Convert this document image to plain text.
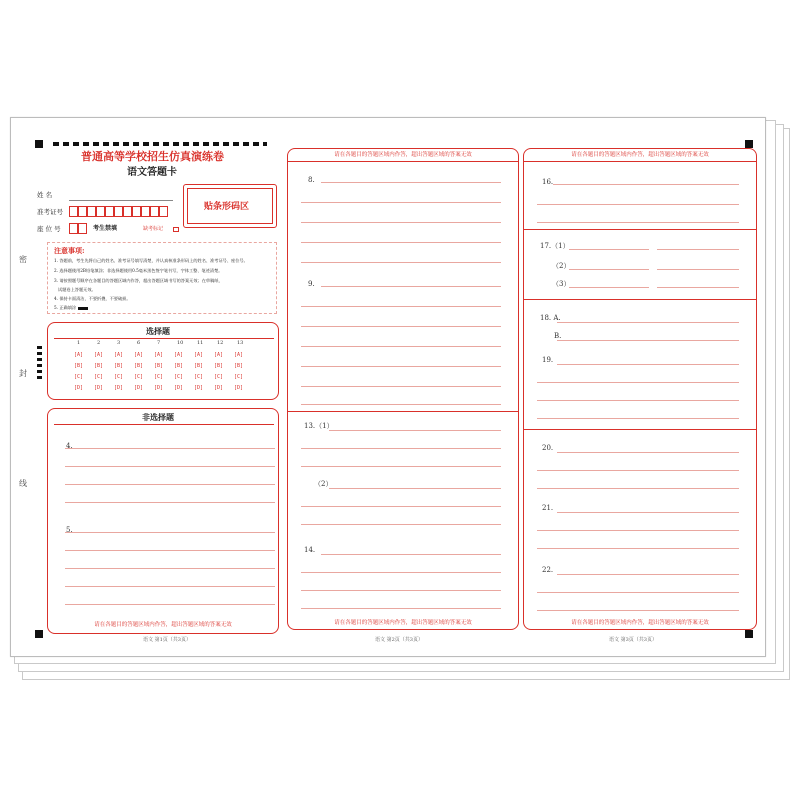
密
封
线
普通高等学校招生仿真演练卷
语文答题卡
姓 名
准考证号
座 位 号	考生禁填	缺考标记
贴条形码区
注意事项:
1. 答题前，考生先将自己的姓名、准考证号填写清楚，并认真核准条形码上的姓名、准考证号、座位号。
2. 选择题使用2B铅笔填涂；非选择题使用0.5毫米黑色签字笔书写，字体工整、笔迹清楚。
3. 请按照题号顺序在各题目的答题区域内作答，超出答题区域书写的答案无效；在草稿纸、
试题卷上答题无效。
4. 保持卡面清洁，不要折叠，不要破损。
5. 正确填涂
选择题
1
[A]
[B]
[C]
[D]
2
[A]
[B]
[C]
[D]
3
[A]
[B]
[C]
[D]
6
[A]
[B]
[C]
[D]
7
[A]
[B]
[C]
[D]
10
[A]
[B]
[C]
[D]
11
[A]
[B]
[C]
[D]
12
[A]
[B]
[C]
[D]
13
[A]
[B]
[C]
[D]
非选择题
4.
5.
请在各题目的答题区域内作答，超出答题区域的答案无效
语文 第1页（共3页）
请在各题目的答题区域内作答，超出答题区域的答案无效
8.
9.
13.（1）
（2）
14.
请在各题目的答题区域内作答，超出答题区域的答案无效
语文 第2页（共3页）
请在各题目的答题区域内作答，超出答题区域的答案无效
16.
17.（1）
（2）
（3）
18. A.
B.
19.
20.
21.
22.
请在各题目的答题区域内作答，超出答题区域的答案无效
语文 第3页（共3页）
